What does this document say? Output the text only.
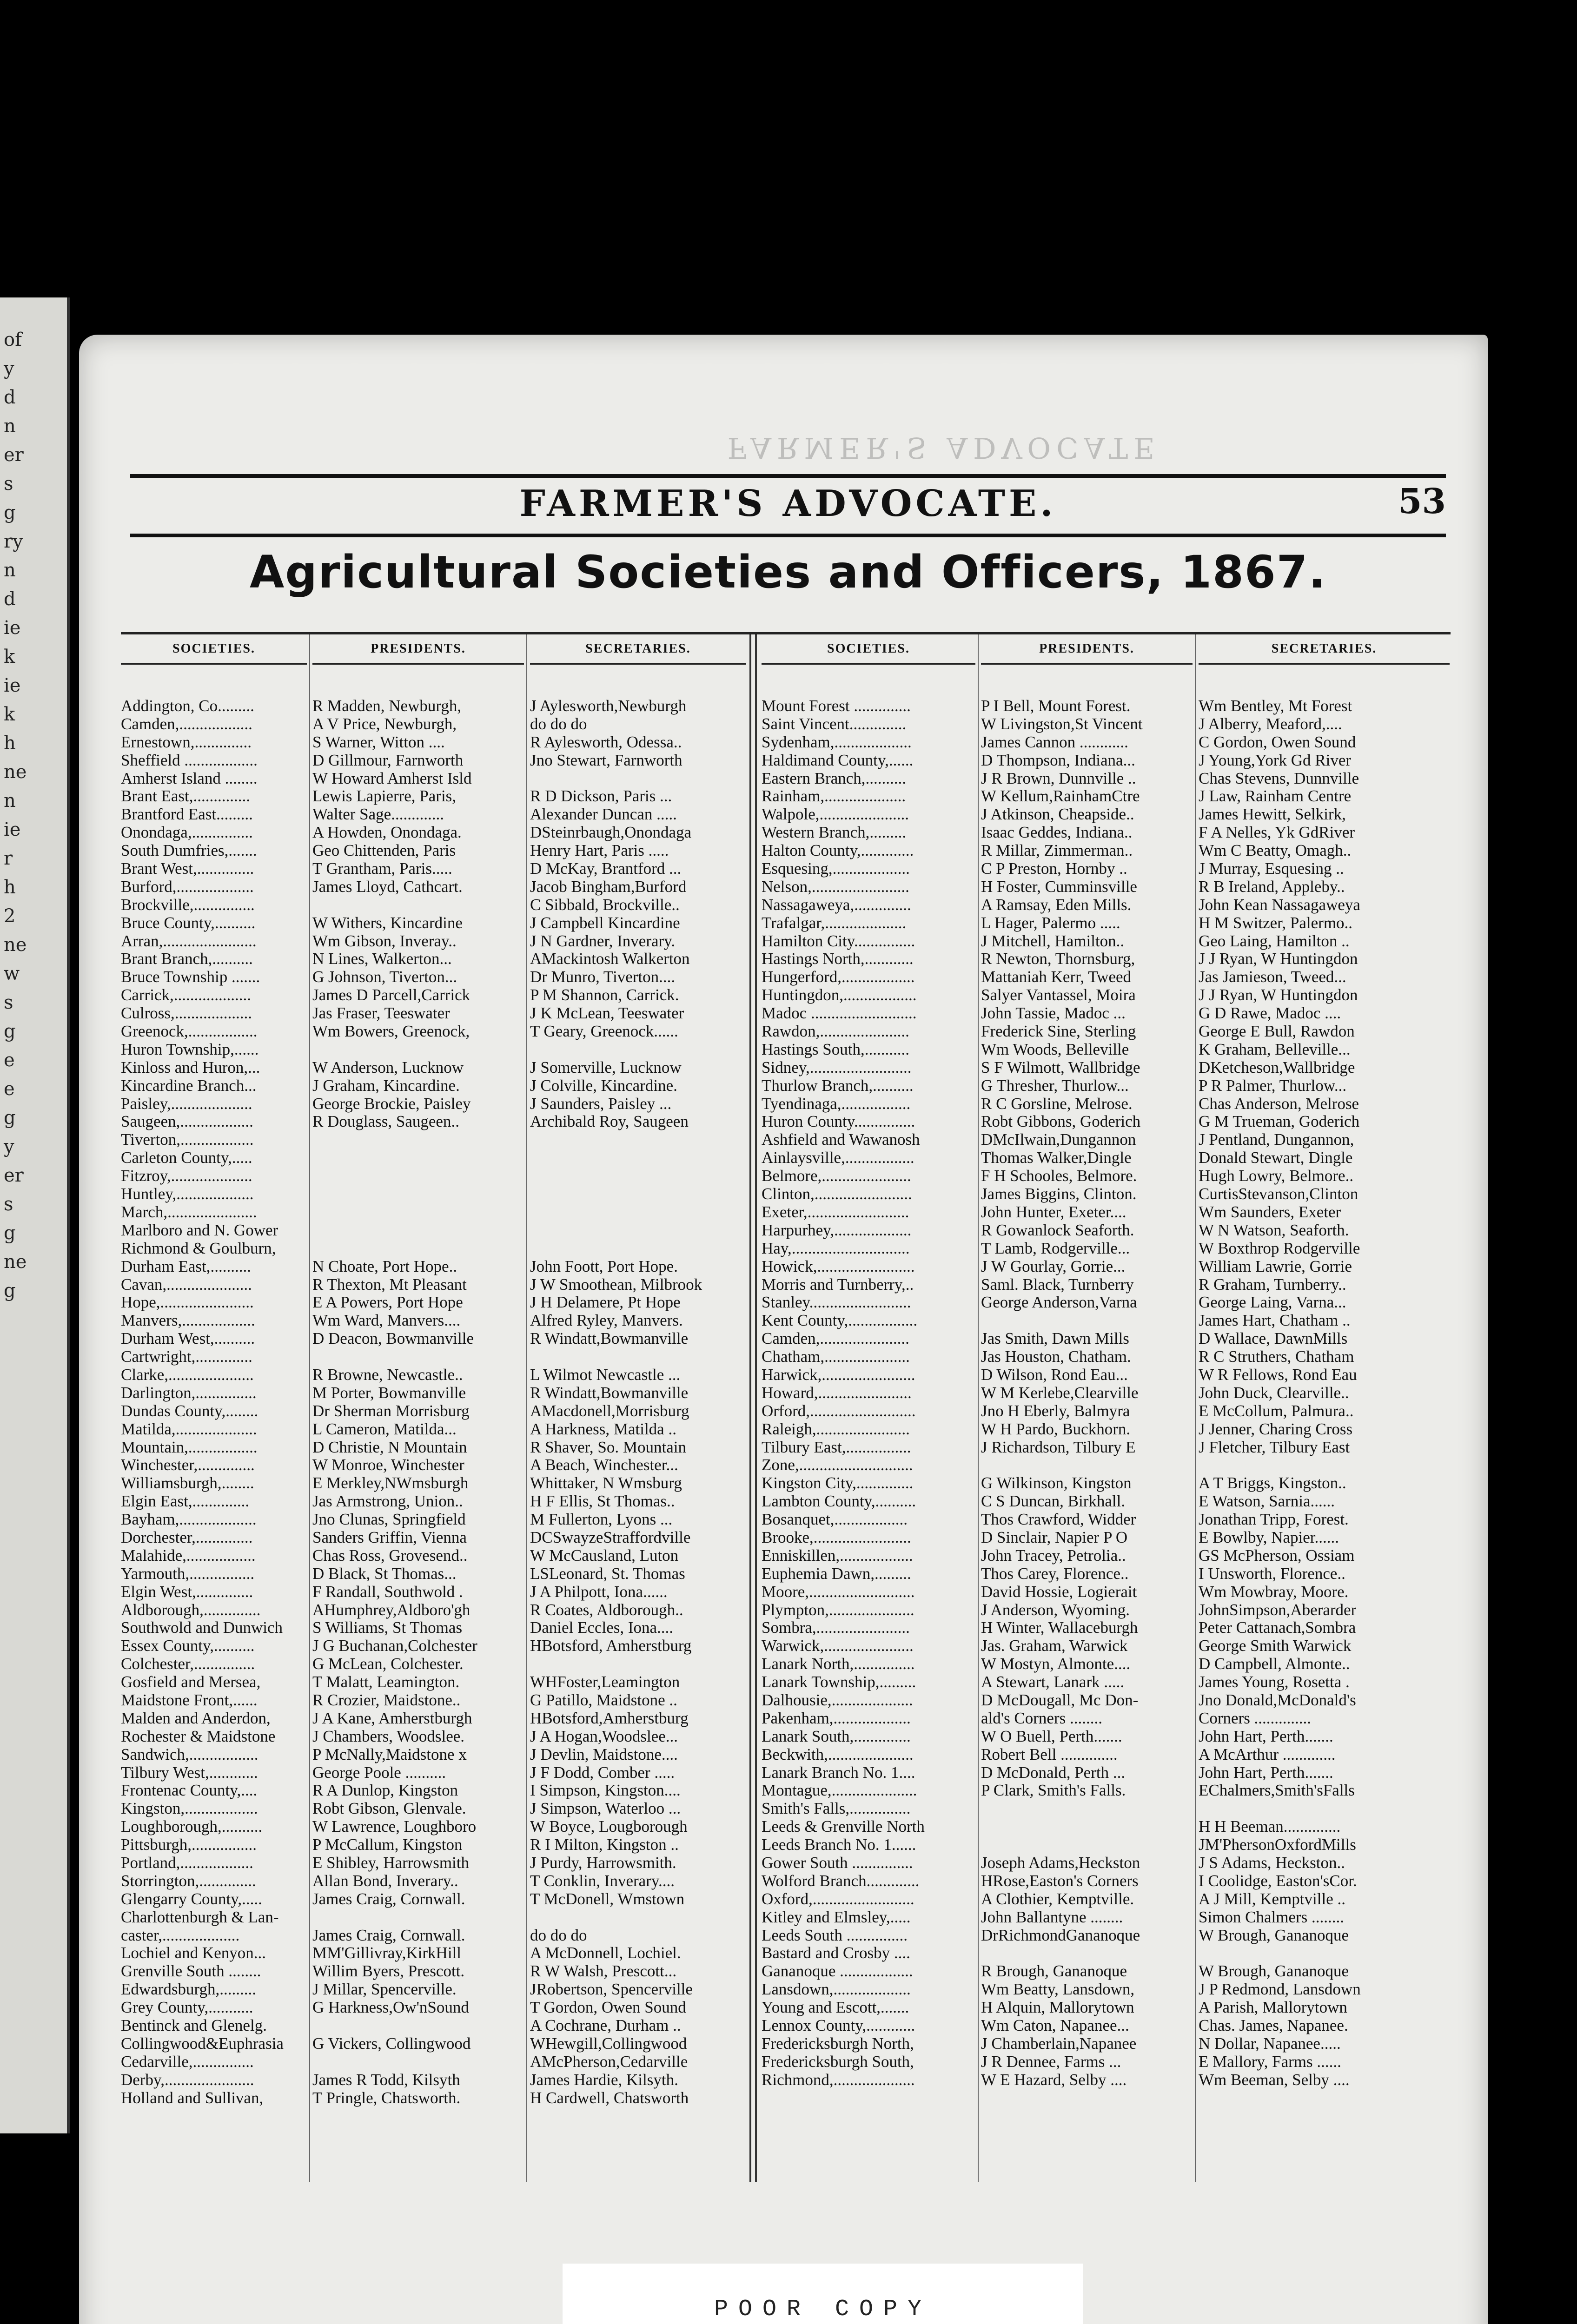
of
y
d
n
er
s
g
ry
n
d
ie
k
ie
k
h
ne
n
ie
r
h
2
ne
w
s
g
e
e
g
y
er
s
g
ne
g
FARMER'S ADVOCATE
FARMER'S ADVOCATE.	53
Agricultural Societies and Officers, 1867.
SOCIETIES.
Addington, Co.........
Camden,..................
Ernestown,..............
Sheffield ..................
Amherst Island ........
Brant East,..............
Brantford East.........
Onondaga,...............
South Dumfries,.......
Brant West,..............
Burford,...................
Brockville,...............
Bruce County,..........
Arran,.......................
Brant Branch,..........
Bruce Township .......
Carrick,...................
Culross,...................
Greenock,.................
Huron Township,......
Kinloss and Huron,...
Kincardine Branch...
Paisley,....................
Saugeen,..................
Tiverton,..................
Carleton County,.....
Fitzroy,....................
Huntley,...................
March,......................
Marlboro and N. Gower
Richmond & Goulburn,
Durham East,..........
Cavan,.....................
Hope,.......................
Manvers,..................
Durham West,..........
Cartwright,..............
Clarke,.....................
Darlington,...............
Dundas County,........
Matilda,....................
Mountain,.................
Winchester,..............
Williamsburgh,........
Elgin East,..............
Bayham,...................
Dorchester,..............
Malahide,.................
Yarmouth,................
Elgin West,..............
Aldborough,..............
Southwold and Dunwich
Essex County,..........
Colchester,...............
Gosfield and Mersea,
Maidstone Front,......
Malden and Anderdon,
Rochester & Maidstone
Sandwich,.................
Tilbury West,............
Frontenac County,....
Kingston,..................
Loughborough,..........
Pittsburgh,................
Portland,..................
Storrington,..............
Glengarry County,.....
Charlottenburgh & Lan-
caster,...................
Lochiel and Kenyon...
Grenville South ........
Edwardsburgh,.........
Grey County,...........
Bentinck and Glenelg.
Collingwood&Euphrasia
Cedarville,...............
Derby,......................
Holland and Sullivan,
PRESIDENTS.
R Madden, Newburgh,
A V Price, Newburgh,
S Warner, Witton ....
D Gillmour, Farnworth
W Howard Amherst Isld
Lewis Lapierre, Paris,
Walter Sage.............
A Howden, Onondaga.
Geo Chittenden, Paris
T Grantham, Paris.....
James Lloyd, Cathcart.
W Withers, Kincardine
Wm Gibson, Inveray..
N Lines, Walkerton...
G Johnson, Tiverton...
James D Parcell,Carrick
Jas Fraser, Teeswater
Wm Bowers, Greenock,
W Anderson, Lucknow
J Graham, Kincardine.
George Brockie, Paisley
R Douglass, Saugeen..
N Choate, Port Hope..
R Thexton, Mt Pleasant
E A Powers, Port Hope
Wm Ward, Manvers....
D Deacon, Bowmanville
R Browne, Newcastle..
M Porter, Bowmanville
Dr Sherman Morrisburg
L Cameron, Matilda...
D Christie, N Mountain
W Monroe, Winchester
E Merkley,NWmsburgh
Jas Armstrong, Union..
Jno Clunas, Springfield
Sanders Griffin, Vienna
Chas Ross, Grovesend..
D Black, St Thomas...
F Randall, Southwold .
AHumphrey,Aldboro'gh
S Williams, St Thomas
J G Buchanan,Colchester
G McLean, Colchester.
T Malatt, Leamington.
R Crozier, Maidstone..
J A Kane, Amherstburgh
J Chambers, Woodslee.
P McNally,Maidstone x
George Poole ..........
R A Dunlop, Kingston
Robt Gibson, Glenvale.
W Lawrence, Loughboro
P McCallum, Kingston
E Shibley, Harrowsmith
Allan Bond, Inverary..
James Craig, Cornwall.
James Craig, Cornwall.
MM'Gillivray,KirkHill
Willim Byers, Prescott.
J Millar, Spencerville.
G Harkness,Ow'nSound
G Vickers, Collingwood
James R Todd, Kilsyth
T Pringle, Chatsworth.
SECRETARIES.
J Aylesworth,Newburgh
do do do
R Aylesworth, Odessa..
Jno Stewart, Farnworth
R D Dickson, Paris ...
Alexander Duncan .....
DSteinrbaugh,Onondaga
Henry Hart, Paris .....
D McKay, Brantford ...
Jacob Bingham,Burford
C Sibbald, Brockville..
J Campbell Kincardine
J N Gardner, Inverary.
AMackintosh Walkerton
Dr Munro, Tiverton....
P M Shannon, Carrick.
J K McLean, Teeswater
T Geary, Greenock......
J Somerville, Lucknow
J Colville, Kincardine.
J Saunders, Paisley ...
Archibald Roy, Saugeen
John Foott, Port Hope.
J W Smoothean, Milbrook
J H Delamere, Pt Hope
Alfred Ryley, Manvers.
R Windatt,Bowmanville
L Wilmot Newcastle ...
R Windatt,Bowmanville
AMacdonell,Morrisburg
A Harkness, Matilda ..
R Shaver, So. Mountain
A Beach, Winchester...
Whittaker, N Wmsburg
H F Ellis, St Thomas..
M Fullerton, Lyons ...
DCSwayzeStraffordville
W McCausland, Luton
LSLeonard, St. Thomas
J A Philpott, Iona......
R Coates, Aldborough..
Daniel Eccles, Iona....
HBotsford, Amherstburg
WHFoster,Leamington
G Patillo, Maidstone ..
HBotsford,Amherstburg
J A Hogan,Woodslee...
J Devlin, Maidstone....
J F Dodd, Comber .....
I Simpson, Kingston....
J Simpson, Waterloo ...
W Boyce, Lougborough
R I Milton, Kingston ..
J Purdy, Harrowsmith.
T Conklin, Inverary....
T McDonell, Wmstown
do do do
A McDonnell, Lochiel.
R W Walsh, Prescott...
JRobertson, Spencerville
T Gordon, Owen Sound
A Cochrane, Durham ..
WHewgill,Collingwood
AMcPherson,Cedarville
James Hardie, Kilsyth.
H Cardwell, Chatsworth
SOCIETIES.
Mount Forest ..............
Saint Vincent..............
Sydenham,...................
Haldimand County,......
Eastern Branch,..........
Rainham,....................
Walpole,......................
Western Branch,.........
Halton County,.............
Esquesing,...................
Nelson,........................
Nassagaweya,..............
Trafalgar,....................
Hamilton City...............
Hastings North,............
Hungerford,..................
Huntingdon,..................
Madoc ..........................
Rawdon,......................
Hastings South,...........
Sidney,.........................
Thurlow Branch,..........
Tyendinaga,.................
Huron County...............
Ashfield and Wawanosh
Ainlaysville,.................
Belmore,......................
Clinton,........................
Exeter,.........................
Harpurhey,...................
Hay,.............................
Howick,........................
Morris and Turnberry,..
Stanley.........................
Kent County,.................
Camden,......................
Chatham,.....................
Harwick,.......................
Howard,.......................
Orford,..........................
Raleigh,.......................
Tilbury East,................
Zone,............................
Kingston City,..............
Lambton County,..........
Bosanquet,..................
Brooke,........................
Enniskillen,..................
Euphemia Dawn,.........
Moore,..........................
Plympton,.....................
Sombra,.......................
Warwick,......................
Lanark North,...............
Lanark Township,.........
Dalhousie,....................
Pakenham,...................
Lanark South,..............
Beckwith,.....................
Lanark Branch No. 1....
Montague,.....................
Smith's Falls,...............
Leeds & Grenville North
Leeds Branch No. 1......
Gower South ...............
Wolford Branch.............
Oxford,.........................
Kitley and Elmsley,.....
Leeds South ...............
Bastard and Crosby ....
Gananoque ..................
Lansdown,...................
Young and Escott,.......
Lennox County,............
Fredericksburgh North,
Fredericksburgh South,
Richmond,....................
PRESIDENTS.
P I Bell, Mount Forest.
W Livingston,St Vincent
James Cannon ............
D Thompson, Indiana...
J R Brown, Dunnville ..
W Kellum,RainhamCtre
J Atkinson, Cheapside..
Isaac Geddes, Indiana..
R Millar, Zimmerman..
C P Preston, Hornby ..
H Foster, Cumminsville
A Ramsay, Eden Mills.
L Hager, Palermo .....
J Mitchell, Hamilton..
R Newton, Thornsburg,
Mattaniah Kerr, Tweed
Salyer Vantassel, Moira
John Tassie, Madoc ...
Frederick Sine, Sterling
Wm Woods, Belleville
S F Wilmott, Wallbridge
G Thresher, Thurlow...
R C Gorsline, Melrose.
Robt Gibbons, Goderich
DMcIlwain,Dungannon
Thomas Walker,Dingle
F H Schooles, Belmore.
James Biggins, Clinton.
John Hunter, Exeter....
R Gowanlock Seaforth.
T Lamb, Rodgerville...
J W Gourlay, Gorrie...
Saml. Black, Turnberry
George Anderson,Varna
Jas Smith, Dawn Mills
Jas Houston, Chatham.
D Wilson, Rond Eau...
W M Kerlebe,Clearville
Jno H Eberly, Balmyra
W H Pardo, Buckhorn.
J Richardson, Tilbury E
G Wilkinson, Kingston
C S Duncan, Birkhall.
Thos Crawford, Widder
D Sinclair, Napier P O
John Tracey, Petrolia..
Thos Carey, Florence..
David Hossie, Logierait
J Anderson, Wyoming.
H Winter, Wallaceburgh
Jas. Graham, Warwick
W Mostyn, Almonte....
A Stewart, Lanark .....
D McDougall, Mc Don-
ald's Corners ........
W O Buell, Perth.......
Robert Bell ..............
D McDonald, Perth ...
P Clark, Smith's Falls.
Joseph Adams,Heckston
HRose,Easton's Corners
A Clothier, Kemptville.
John Ballantyne ........
DrRichmondGananoque
R Brough, Gananoque
Wm Beatty, Lansdown,
H Alquin, Mallorytown
Wm Caton, Napanee...
J Chamberlain,Napanee
J R Dennee, Farms ...
W E Hazard, Selby ....
SECRETARIES.
Wm Bentley, Mt Forest
J Alberry, Meaford,....
C Gordon, Owen Sound
J Young,York Gd River
Chas Stevens, Dunnville
J Law, Rainham Centre
James Hewitt, Selkirk,
F A Nelles, Yk GdRiver
Wm C Beatty, Omagh..
J Murray, Esquesing ..
R B Ireland, Appleby..
John Kean Nassagaweya
H M Switzer, Palermo..
Geo Laing, Hamilton ..
J J Ryan, W Huntingdon
Jas Jamieson, Tweed...
J J Ryan, W Huntingdon
G D Rawe, Madoc ....
George E Bull, Rawdon
K Graham, Belleville...
DKetcheson,Wallbridge
P R Palmer, Thurlow...
Chas Anderson, Melrose
G M Trueman, Goderich
J Pentland, Dungannon,
Donald Stewart, Dingle
Hugh Lowry, Belmore..
CurtisStevanson,Clinton
Wm Saunders, Exeter
W N Watson, Seaforth.
W Boxthrop Rodgerville
William Lawrie, Gorrie
R Graham, Turnberry..
George Laing, Varna...
James Hart, Chatham ..
D Wallace, DawnMills
R C Struthers, Chatham
W R Fellows, Rond Eau
John Duck, Clearville..
E McCollum, Palmura..
J Jenner, Charing Cross
J Fletcher, Tilbury East
A T Briggs, Kingston..
E Watson, Sarnia......
Jonathan Tripp, Forest.
E Bowlby, Napier......
GS McPherson, Ossiam
I Unsworth, Florence..
Wm Mowbray, Moore.
JohnSimpson,Aberarder
Peter Cattanach,Sombra
George Smith Warwick
D Campbell, Almonte..
James Young, Rosetta .
Jno Donald,McDonald's
Corners ..............
John Hart, Perth.......
A McArthur .............
John Hart, Perth.......
EChalmers,Smith'sFalls
H H Beeman..............
JM'PhersonOxfordMills
J S Adams, Heckston..
I Coolidge, Easton'sCor.
A J Mill, Kemptville ..
Simon Chalmers ........
W Brough, Gananoque
W Brough, Gananoque
J P Redmond, Lansdown
A Parish, Mallorytown
Chas. James, Napanee.
N Dollar, Napanee.....
E Mallory, Farms ......
Wm Beeman, Selby ....
POOR COPY
